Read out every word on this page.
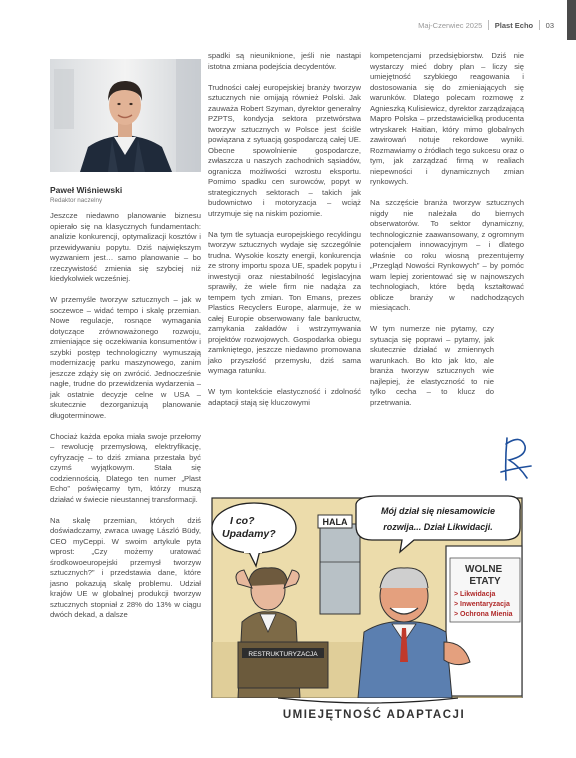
Maj-Czerwiec 2025 Plast Echo 03
Paweł Wiśniewski
Redaktor naczelny

Jeszcze niedawno planowanie biznesu opierało się na klasycznych fundamentach: analizie konkurencji, optymalizacji kosztów i przewidywaniu popytu. Dziś największym wyzwaniem jest… samo planowanie – bo rzeczywistość zmienia się szybciej niż kiedykolwiek wcześniej.

W przemyśle tworzyw sztucznych – jak w soczewce – widać tempo i skalę przemian. Nowe regulacje, rosnące wymagania dotyczące zrównoważonego rozwoju, zmieniające się oczekiwania konsumentów i szybki postęp technologiczny wymuszają modernizację parku maszynowego, zanim jeszcze zdąży się on zwrócić. Jednocześnie nagłe, trudne do przewidzenia wydarzenia – jak ostatnie decyzje celne w USA – skutecznie dezorganizują planowanie długoterminowe.

Chociaż każda epoka miała swoje przełomy – rewolucję przemysłową, elektryfikację, cyfryzację – to dziś zmiana przestała być czymś wyjątkowym. Stała się codziennością. Dlatego ten numer „Plast Echo” poświęcamy tym, którzy muszą działać w świecie nieustannej transformacji.

Na skalę przemian, których dziś doświadczamy, zwraca uwagę László Büdy, CEO myCeppi. W swoim artykule pyta wprost: „Czy możemy uratować środkowoeuropejski przemysł tworzyw sztucznych?” i przedstawia dane, które jasno pokazują skalę problemu. Udział krajów UE w globalnej produkcji tworzyw sztucznych stopniał z 28% do 13% w ciągu dwóch dekad, a dalsze

spadki są nieuniknione, jeśli nie nastąpi istotna zmiana podejścia decydentów.

Trudności całej europejskiej branży tworzyw sztucznych nie omijają również Polski. Jak zauważa Robert Szyman, dyrektor generalny PZPTS, kondycja sektora przetwórstwa tworzyw sztucznych w Polsce jest ściśle powiązana z sytuacją gospodarczą całej UE. Obecne spowolnienie gospodarcze, zwłaszcza u naszych zachodnich sąsiadów, ogranicza możliwości wzrostu eksportu. Pomimo spadku cen surowców, popyt w strategicznych sektorach – takich jak budownictwo i motoryzacja – wciąż utrzymuje się na niskim poziomie.

Na tym tle sytuacja europejskiego recyklingu tworzyw sztucznych wydaje się szczególnie trudna. Wysokie koszty energii, konkurencja ze strony importu spoza UE, spadek popytu i inwestycji oraz niestabilność legislacyjna sprawiły, że wiele firm nie nadąża za tempem tych zmian. Ton Emans, prezes Plastics Recyclers Europe, alarmuje, że w całej Europie obserwowany fale bankructw, zamykania zakładów i wstrzymywania projektów rozwojowych. Gospodarka obiegu zamkniętego, jeszcze niedawno promowana jako przyszłość przemysłu, dziś sama wymaga ratunku.

W tym kontekście elastyczność i zdolność adaptacji stają się kluczowymi

kompetencjami przedsiębiorstw. Dziś nie wystarczy mieć dobry plan – liczy się umiejętność szybkiego reagowania i dostosowania się do zmieniających się warunków. Dlatego polecam rozmowę z Agnieszką Kulisiewicz, dyrektor zarządzającą Mapro Polska – przedstawicielką producenta wtryskarek Haitian, który mimo globalnych zawirowań notuje rekordowe wyniki. Rozmawiamy o źródłach tego sukcesu oraz o tym, jak zarządzać firmą w realiach niepewności i dynamicznych zmian rynkowych.

Na szczęście branża tworzyw sztucznych nigdy nie należała do biernych obserwatorów. To sektor dynamiczny, technologicznie zaawansowany, z ogromnym potencjałem innowacyjnym – i dlatego właśnie co roku wiosną prezentujemy „Przegląd Nowości Rynkowych” – by pomóc wam lepiej zorientować się w najnowszych technologiach, które będą kształtować oblicze branży w nadchodzących miesiącach.

W tym numerze nie pytamy, czy sytuacja się poprawi – pytamy, jak skutecznie działać w zmiennych warunkach. Bo kto jak kto, ale branża tworzyw sztucznych wie najlepiej, że elastyczność to nie tylko cecha – to klucz do przetrwania.

HALA
I co? Upadamy?
Mój dział się niesamowicie
rozwija... Dział Likwidacji.
WOLNE ETATY
> Likwidacja > Inwentaryzacja > Ochrona Mienia
RESTRUKTURYZACJA
UMIEJĘTNOŚĆ ADAPTACJI
